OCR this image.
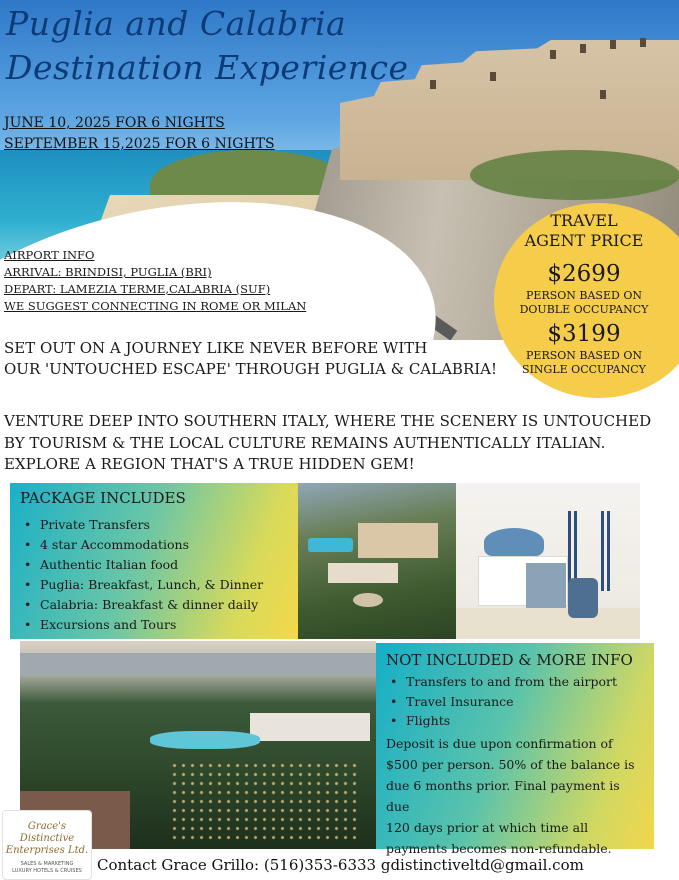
Puglia and Calabria
Destination Experience
JUNE 10, 2025 FOR 6 NIGHTS
SEPTEMBER 15,2025 FOR 6 NIGHTS
AIRPORT INFO
ARRIVAL: BRINDISI, PUGLIA (BRI)
DEPART: LAMEZIA TERME,CALABRIA (SUF)
WE SUGGEST CONNECTING IN ROME OR MILAN
TRAVEL
AGENT PRICE
$2699
PERSON BASED ON
DOUBLE OCCUPANCY
$3199
PERSON BASED ON
SINGLE OCCUPANCY
SET OUT ON A JOURNEY LIKE NEVER BEFORE WITH
OUR 'UNTOUCHED ESCAPE' THROUGH PUGLIA & CALABRIA!
VENTURE DEEP INTO SOUTHERN ITALY, WHERE THE SCENERY IS UNTOUCHED
BY TOURISM & THE LOCAL CULTURE REMAINS AUTHENTICALLY ITALIAN.
EXPLORE A REGION THAT'S A TRUE HIDDEN GEM!
PACKAGE INCLUDES
• Private Transfers
• 4 star Accommodations
• Authentic Italian food
• Puglia: Breakfast, Lunch, & Dinner
• Calabria: Breakfast & dinner daily
• Excursions and Tours
Grace's Distinctive
Enterprises Ltd.
SALES & MARKETING
LUXURY HOTELS & CRUISES
NOT INCLUDED & MORE INFO
• Transfers to and from the airport
• Travel Insurance
• Flights
Deposit is due upon confirmation of
$500 per person. 50% of the balance is
due 6 months prior. Final payment is due
120 days prior at which time all
payments becomes non-refundable.
Contact Grace Grillo: (516)353-6333 gdistinctiveltd@gmail.com
